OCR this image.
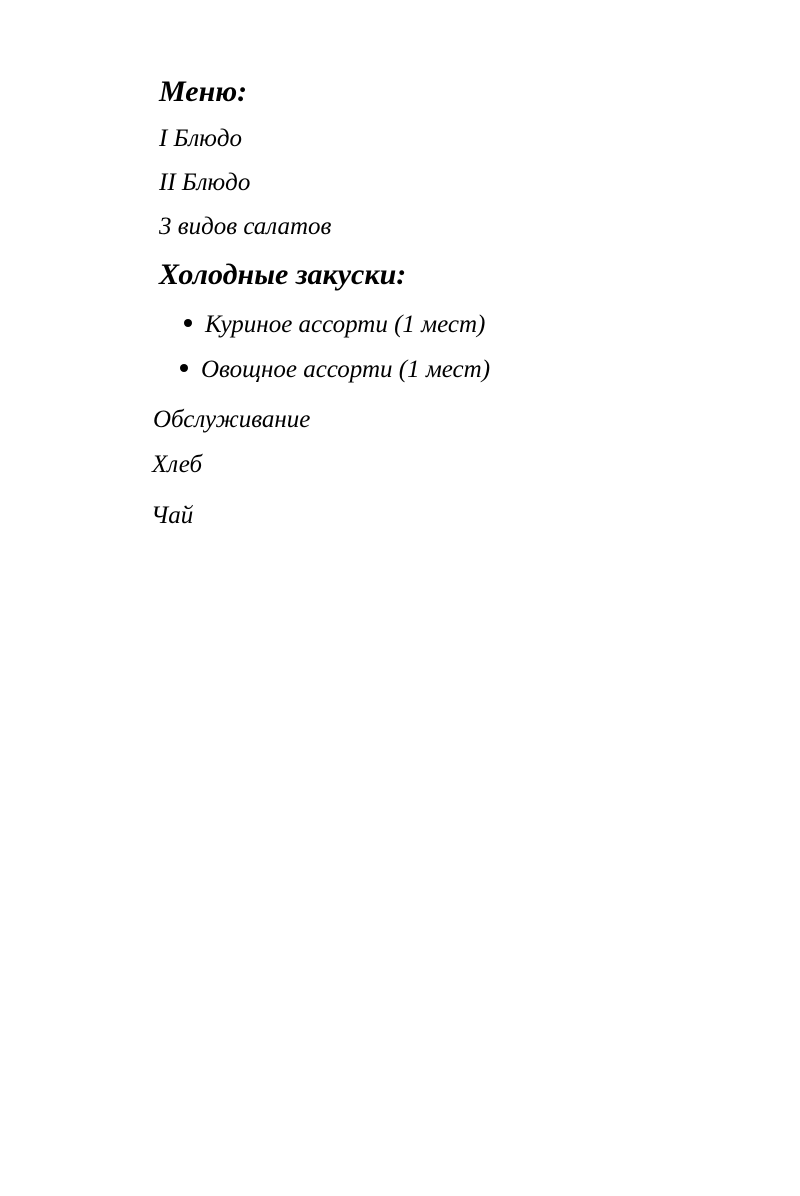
Меню:
I Блюдо
II Блюдо
3 видов салатов
Холодные закуски:
Куриное ассорти (1 мест)
Овощное ассорти (1 мест)
Обслуживание
Хлеб
Чай
